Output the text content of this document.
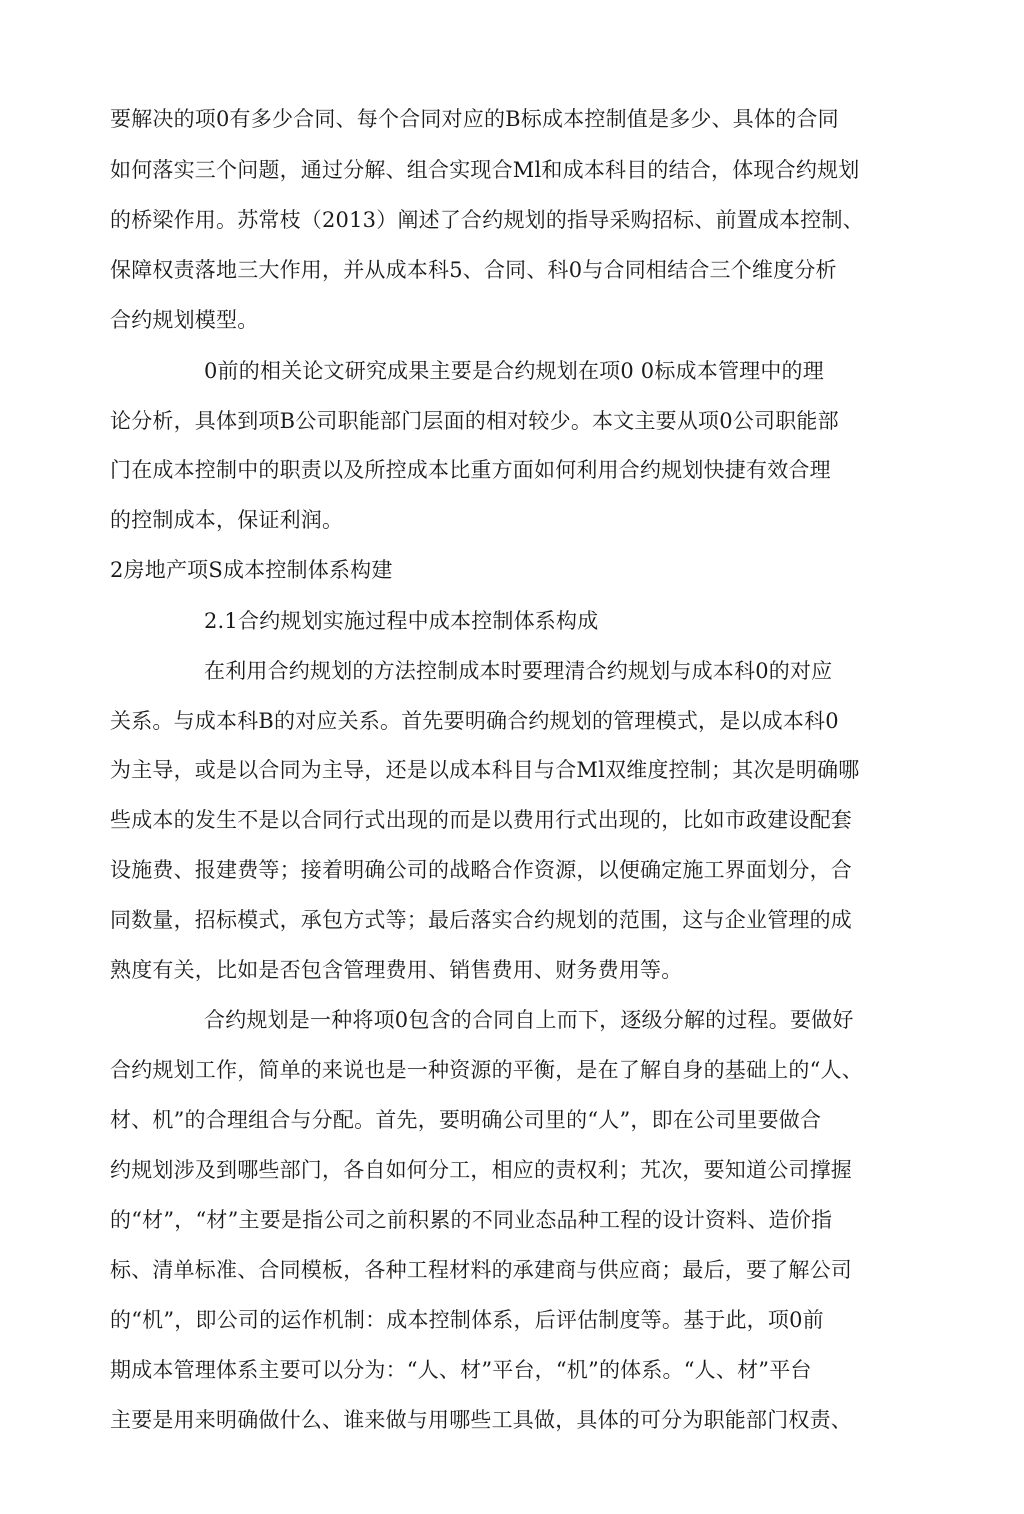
要解决的项0有多少合同、每个合同对应的B标成本控制值是多少、具体的合同
如何落实三个问题，通过分解、组合实现合Ml和成本科目的结合，体现合约规划
的桥梁作用。苏常枝（2013）阐述了合约规划的指导采购招标、前置成本控制、
保障权责落地三大作用，并从成本科5、合同、科0与合同相结合三个维度分析
合约规划模型。
0前的相关论文研究成果主要是合约规划在项0 0标成本管理中的理
论分析，具体到项B公司职能部门层面的相对较少。本文主要从项0公司职能部
门在成本控制中的职责以及所控成本比重方面如何利用合约规划快捷有效合理
的控制成本，保证利润。
2房地产项S成本控制体系构建
2.1合约规划实施过程中成本控制体系构成
在利用合约规划的方法控制成本时要理清合约规划与成本科0的对应
关系。与成本科B的对应关系。首先要明确合约规划的管理模式，是以成本科0
为主导，或是以合同为主导，还是以成本科目与合Ml双维度控制；其次是明确哪
些成本的发生不是以合同行式出现的而是以费用行式出现的，比如市政建设配套
设施费、报建费等；接着明确公司的战略合作资源，以便确定施工界面划分，合
同数量，招标模式，承包方式等；最后落实合约规划的范围，这与企业管理的成
熟度有关，比如是否包含管理费用、销售费用、财务费用等。
合约规划是一种将项0包含的合同自上而下，逐级分解的过程。要做好
合约规划工作，简单的来说也是一种资源的平衡，是在了解自身的基础上的“人、
材、机”的合理组合与分配。首先，要明确公司里的“人”，即在公司里要做合
约规划涉及到哪些部门，各自如何分工，相应的责权利；艽次，要知道公司撑握
的“材”，“材”主要是指公司之前积累的不同业态品种工程的设计资料、造价指
标、清单标准、合同模板，各种工程材料的承建商与供应商；最后，要了解公司
的“机”，即公司的运作机制：成本控制体系，后评估制度等。基于此，项0前
期成本管理体系主要可以分为：“人、材”平台，“机”的体系。“人、材”平台
主要是用来明确做什么、谁来做与用哪些工具做，具体的可分为职能部门权责、
